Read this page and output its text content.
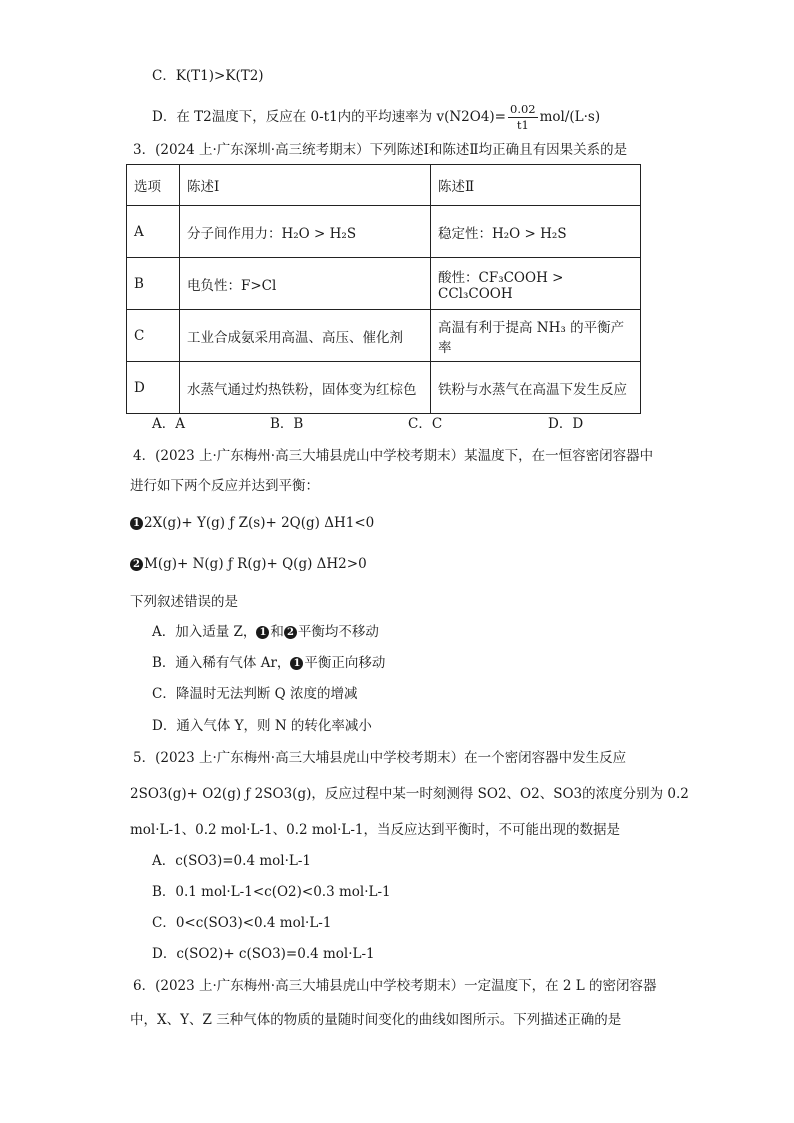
C．K(T1)>K(T2)
D．在 T2温度下，反应在 0-t1内的平均速率为 $v(N2O4)= \frac{0.02}{t1} mol/(L\cdot s)$
3．(2024 上·广东深圳·高三统考期末）下列陈述Ⅰ和陈述Ⅱ均正确且有因果关系的是
选项	陈述Ⅰ	陈述Ⅱ
A	分子间作用力：H₂O > H₂S	稳定性：H₂O > H₂S
B	电负性：F>Cl	酸性：CF₃COOH > CCl₃COOH
C	工业合成氨采用高温、高压、催化剂	高温有利于提高 NH₃ 的平衡产率
D	水蒸气通过灼热铁粉，固体变为红棕色	铁粉与水蒸气在高温下发生反应
A．A	B．B	C．C	D．D
4．(2023 上·广东梅州·高三大埔县虎山中学校考期末）某温度下，在一恒容密闭容器中
进行如下两个反应并达到平衡：
1 2X(g)+ Y(g) ƒ Z(s)+ 2Q(g) ΔH1<0
2 M(g)+ N(g) ƒ R(g)+ Q(g) ΔH2>0
下列叙述错误的是
A．加入适量 Z， 1 和 2 平衡均不移动
B．通入稀有气体 Ar， 1 平衡正向移动
C．降温时无法判断 Q 浓度的增减
D．通入气体 Y，则 N 的转化率减小
5．(2023 上·广东梅州·高三大埔县虎山中学校考期末）在一个密闭容器中发生反应
2SO3(g)+ O2(g) ƒ 2SO3(g)，反应过程中某一时刻测得 SO2、O2、SO3的浓度分别为 0.2
mol·L-1、0.2 mol·L-1、0.2 mol·L-1，当反应达到平衡时，不可能出现的数据是
A．c(SO3)=0.4 mol·L-1
B．0.1 mol·L-1<c(O2)<0.3 mol·L-1
C．0<c(SO3)<0.4 mol·L-1
D．c(SO2)+ c(SO3)=0.4 mol·L-1
6．(2023 上·广东梅州·高三大埔县虎山中学校考期末）一定温度下，在 2 L 的密闭容器
中，X、Y、Z 三种气体的物质的量随时间变化的曲线如图所示。下列描述正确的是
